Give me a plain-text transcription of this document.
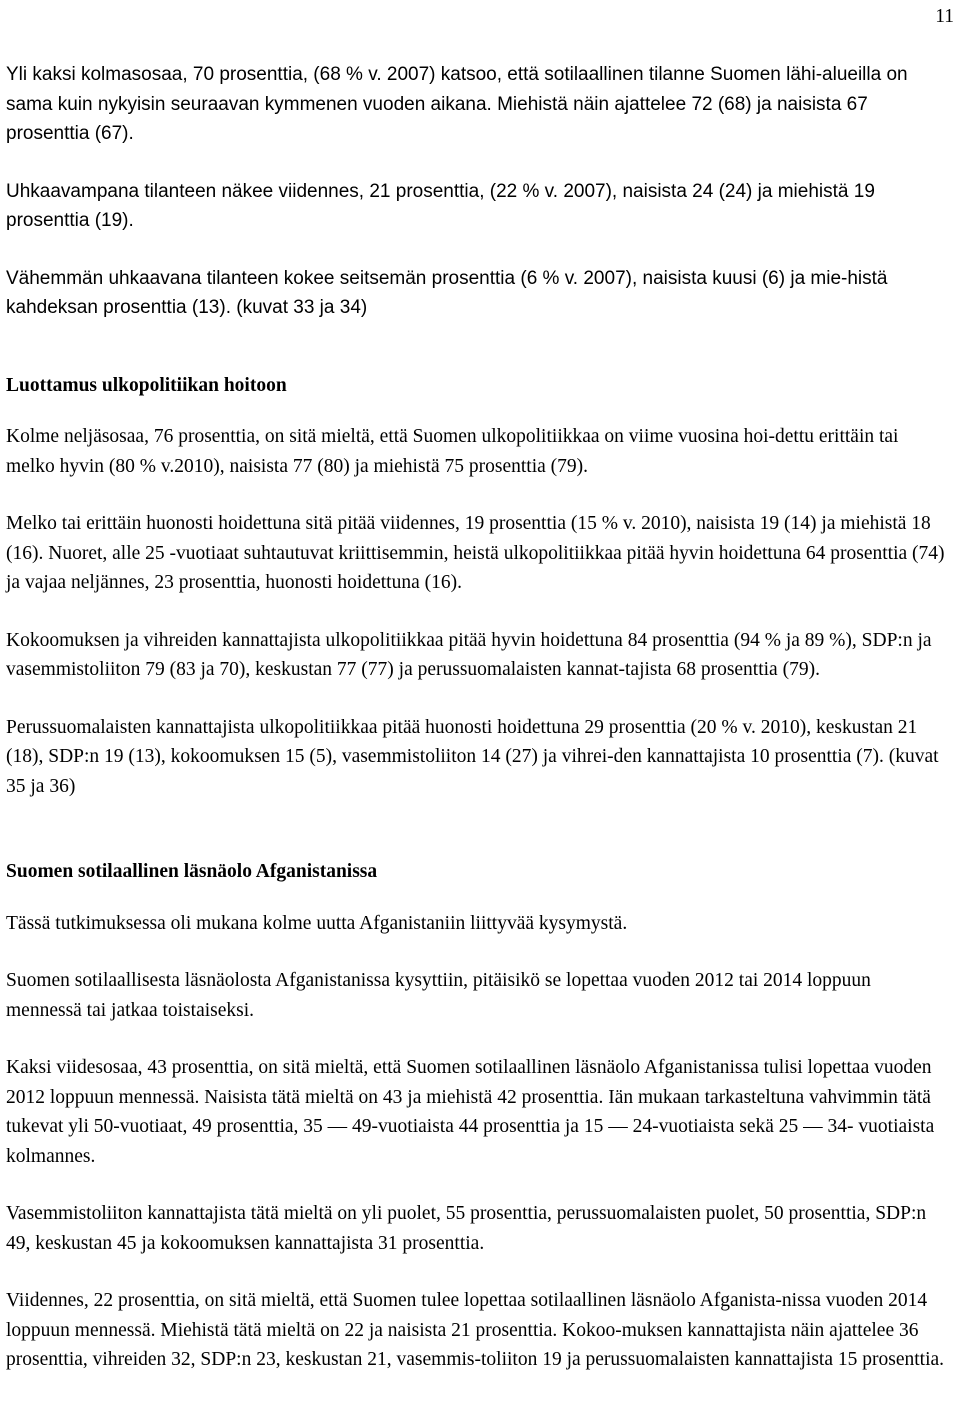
11

Yli kaksi kolmasosaa, 70 prosenttia, (68 % v. 2007) katsoo, että sotilaallinen tilanne Suomen lähi-alueilla on sama kuin nykyisin seuraavan kymmenen vuoden aikana. Miehistä näin ajattelee 72 (68) ja naisista 67 prosenttia (67).

Uhkaavampana tilanteen näkee viidennes, 21 prosenttia, (22 % v. 2007), naisista 24 (24) ja miehistä 19 prosenttia (19).

Vähemmän uhkaavana tilanteen kokee seitsemän prosenttia (6 % v. 2007), naisista kuusi (6) ja mie-histä kahdeksan prosenttia (13). (kuvat 33 ja 34)

Luottamus ulkopolitiikan hoitoon

Kolme neljäsosaa, 76 prosenttia, on sitä mieltä, että Suomen ulkopolitiikkaa on viime vuosina hoi-dettu erittäin tai melko hyvin (80 % v.2010), naisista 77 (80) ja miehistä 75 prosenttia (79).

Melko tai erittäin huonosti hoidettuna sitä pitää viidennes, 19 prosenttia (15 % v. 2010), naisista 19 (14) ja miehistä 18 (16). Nuoret, alle 25 -vuotiaat suhtautuvat kriittisemmin, heistä ulkopolitiikkaa pitää hyvin hoidettuna 64 prosenttia (74) ja vajaa neljännes, 23 prosenttia, huonosti hoidettuna (16).

Kokoomuksen ja vihreiden kannattajista ulkopolitiikkaa pitää hyvin hoidettuna 84 prosenttia (94 % ja 89 %), SDP:n ja vasemmistoliiton 79 (83 ja 70), keskustan 77 (77) ja perussuomalaisten kannat-tajista 68 prosenttia (79).

Perussuomalaisten kannattajista ulkopolitiikkaa pitää huonosti hoidettuna 29 prosenttia (20 % v. 2010), keskustan 21 (18), SDP:n 19 (13), kokoomuksen 15 (5), vasemmistoliiton 14 (27) ja vihrei-den kannattajista 10 prosenttia (7). (kuvat 35 ja 36)

Suomen sotilaallinen läsnäolo Afganistanissa

Tässä tutkimuksessa oli mukana kolme uutta Afganistaniin liittyvää kysymystä.

Suomen sotilaallisesta läsnäolosta Afganistanissa kysyttiin, pitäisikö se lopettaa vuoden 2012 tai 2014 loppuun mennessä tai jatkaa toistaiseksi.

Kaksi viidesosaa, 43 prosenttia, on sitä mieltä, että Suomen sotilaallinen läsnäolo Afganistanissa tulisi lopettaa vuoden 2012 loppuun mennessä. Naisista tätä mieltä on 43 ja miehistä 42 prosenttia. Iän mukaan tarkasteltuna vahvimmin tätä tukevat yli 50-vuotiaat, 49 prosenttia, 35 — 49-vuotiaista 44 prosenttia ja 15 — 24-vuotiaista sekä 25 — 34- vuotiaista kolmannes.

Vasemmistoliiton kannattajista tätä mieltä on yli puolet, 55 prosenttia, perussuomalaisten puolet, 50 prosenttia, SDP:n 49, keskustan 45 ja kokoomuksen kannattajista 31 prosenttia.

Viidennes, 22 prosenttia, on sitä mieltä, että Suomen tulee lopettaa sotilaallinen läsnäolo Afganista-nissa vuoden 2014 loppuun mennessä. Miehistä tätä mieltä on 22 ja naisista 21 prosenttia. Kokoo-muksen kannattajista näin ajattelee 36 prosenttia, vihreiden 32, SDP:n 23, keskustan 21, vasemmis-toliiton 19 ja perussuomalaisten kannattajista 15 prosenttia.
